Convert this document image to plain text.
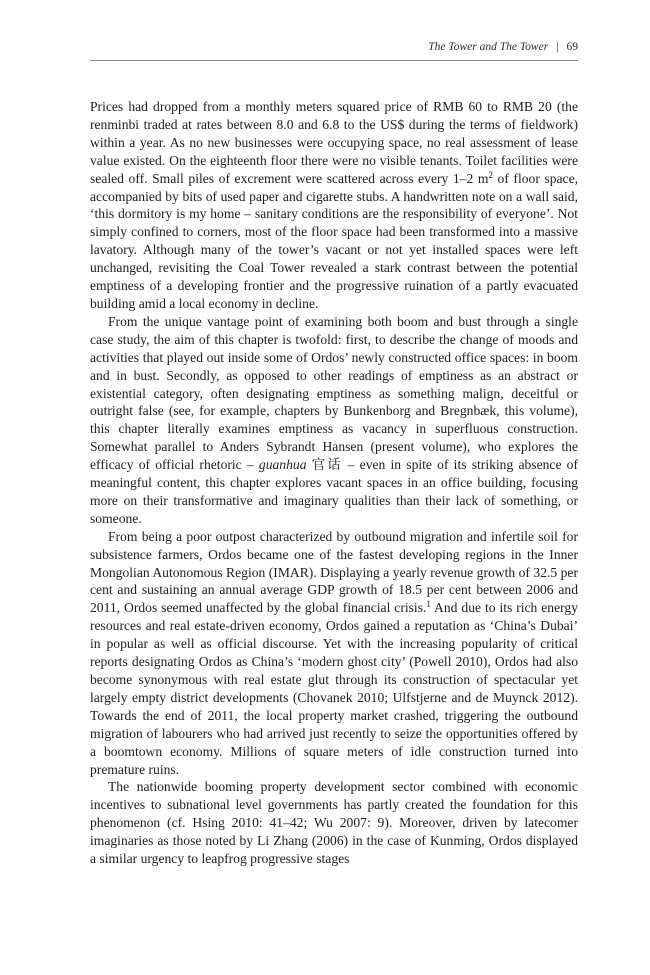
The Tower and The Tower | 69

Prices had dropped from a monthly meters squared price of RMB 60 to RMB 20 (the renminbi traded at rates between 8.0 and 6.8 to the US$ during the terms of fieldwork) within a year. As no new businesses were occupying space, no real assessment of lease value existed. On the eighteenth floor there were no visible tenants. Toilet facilities were sealed off. Small piles of excrement were scattered across every 1–2 $m^2$ of floor space, accompanied by bits of used paper and cigarette stubs. A handwritten note on a wall said, ‘this dormitory is my home – sanitary conditions are the responsibility of everyone’. Not simply confined to corners, most of the floor space had been transformed into a massive lavatory. Although many of the tower’s vacant or not yet installed spaces were left unchanged, revisiting the Coal Tower revealed a stark contrast between the potential emptiness of a developing frontier and the progressive ruination of a partly evacuated building amid a local economy in decline.

From the unique vantage point of examining both boom and bust through a single case study, the aim of this chapter is twofold: first, to describe the change of moods and activities that played out inside some of Ordos’ newly constructed office spaces: in boom and in bust. Secondly, as opposed to other readings of emptiness as an abstract or existential category, often designating emptiness as something malign, deceitful or outright false (see, for example, chapters by Bunkenborg and Bregnbæk, this volume), this chapter literally examines emptiness as vacancy in superfluous construction. Somewhat parallel to Anders Sybrandt Hansen (present volume), who explores the efficacy of official rhetoric – guanhua 官话 – even in spite of its striking absence of meaningful content, this chapter explores vacant spaces in an office building, focusing more on their transformative and imaginary qualities than their lack of something, or someone.

From being a poor outpost characterized by outbound migration and infertile soil for subsistence farmers, Ordos became one of the fastest developing regions in the Inner Mongolian Autonomous Region (IMAR). Displaying a yearly revenue growth of 32.5 per cent and sustaining an annual average GDP growth of 18.5 per cent between 2006 and 2011, Ordos seemed unaffected by the global financial crisis.$^1$ And due to its rich energy resources and real estate-driven economy, Ordos gained a reputation as ‘China’s Dubai’ in popular as well as official discourse. Yet with the increasing popularity of critical reports designating Ordos as China’s ‘modern ghost city’ (Powell 2010), Ordos had also become synonymous with real estate glut through its construction of spectacular yet largely empty district developments (Chovanek 2010; Ulfstjerne and de Muynck 2012). Towards the end of 2011, the local property market crashed, triggering the outbound migration of labourers who had arrived just recently to seize the opportunities offered by a boomtown economy. Millions of square meters of idle construction turned into premature ruins.

The nationwide booming property development sector combined with economic incentives to subnational level governments has partly created the foundation for this phenomenon (cf. Hsing 2010: 41–42; Wu 2007: 9). Moreover, driven by latecomer imaginaries as those noted by Li Zhang (2006) in the case of Kunming, Ordos displayed a similar urgency to leapfrog progressive stages
